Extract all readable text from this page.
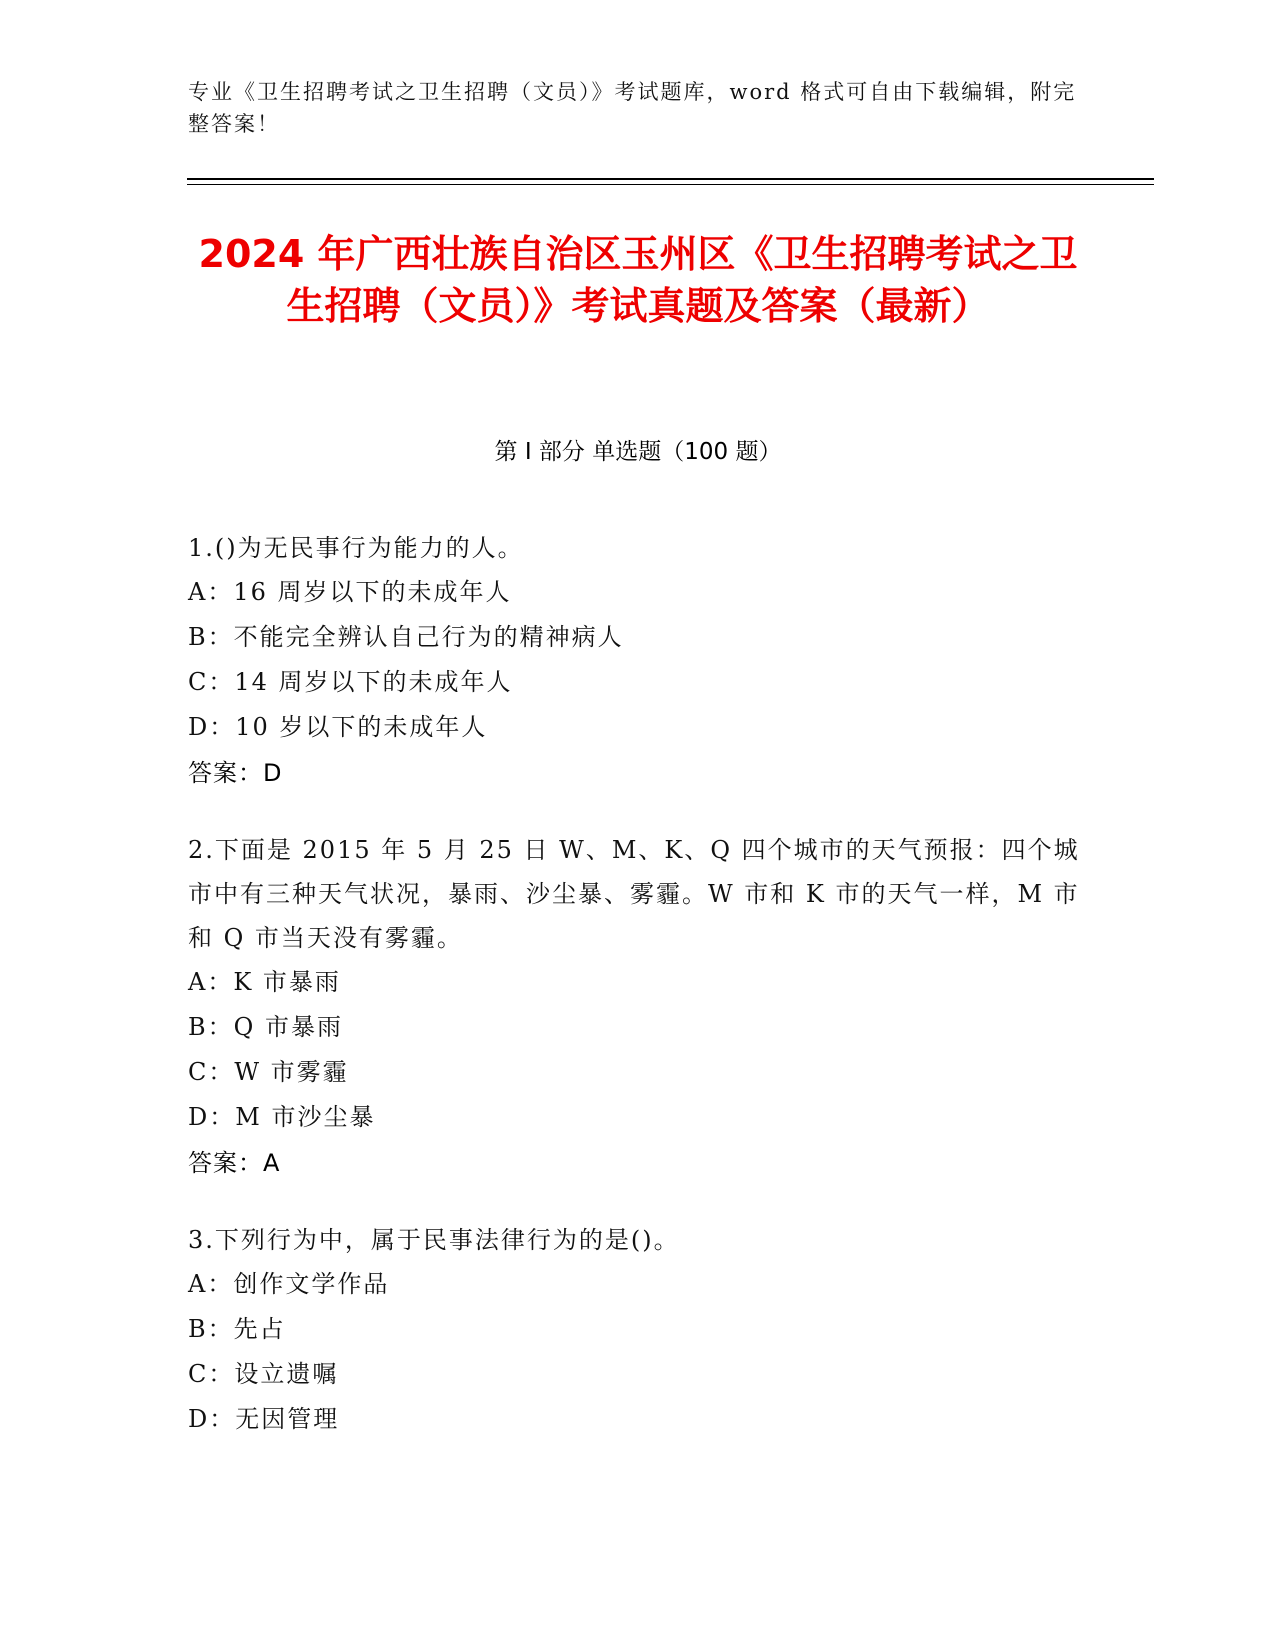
专业《卫生招聘考试之卫生招聘（文员）》考试题库，word 格式可自由下载编辑，附完整答案！
2024 年广西壮族自治区玉州区《卫生招聘考试之卫生招聘（文员）》考试真题及答案（最新）
第 I 部分 单选题（100 题）
1.()为无民事行为能力的人。
A：16 周岁以下的未成年人
B：不能完全辨认自己行为的精神病人
C：14 周岁以下的未成年人
D：10 岁以下的未成年人
答案：D
2.下面是 2015 年 5 月 25 日 W、M、K、Q 四个城市的天气预报：四个城市中有三种天气状况，暴雨、沙尘暴、雾霾。W 市和 K 市的天气一样，M 市和 Q 市当天没有雾霾。
A：K 市暴雨
B：Q 市暴雨
C：W 市雾霾
D：M 市沙尘暴
答案：A
3.下列行为中，属于民事法律行为的是()。
A：创作文学作品
B：先占
C：设立遗嘱
D：无因管理
